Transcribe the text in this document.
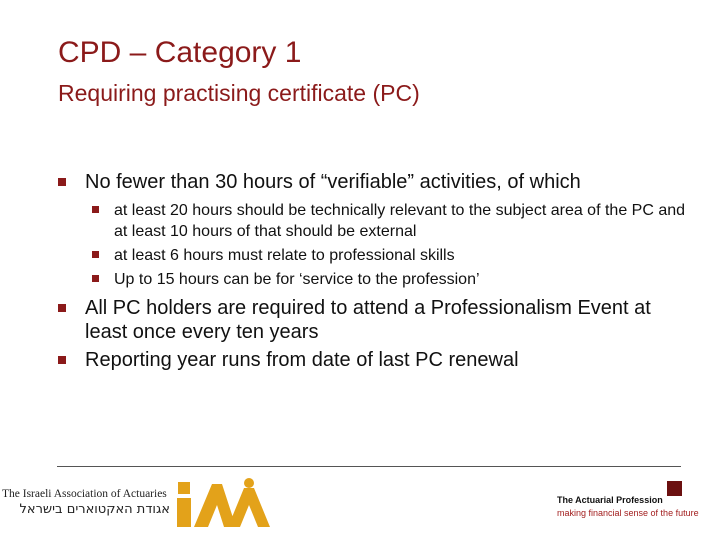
CPD – Category 1
Requiring practising certificate (PC)
No fewer than 30 hours of “verifiable” activities, of which
at least 20 hours should be technically relevant to the subject area of the PC and at least 10 hours of that should be external
at least 6 hours must relate to professional skills
Up to 15 hours can be for ‘service to the profession’
All PC holders are required to attend a Professionalism Event at least once every ten years
Reporting year runs from date of last PC renewal
The Israeli Association of Actuaries
אגודת האקטוארים בישראל
The Actuarial Profession
making financial sense of the future
